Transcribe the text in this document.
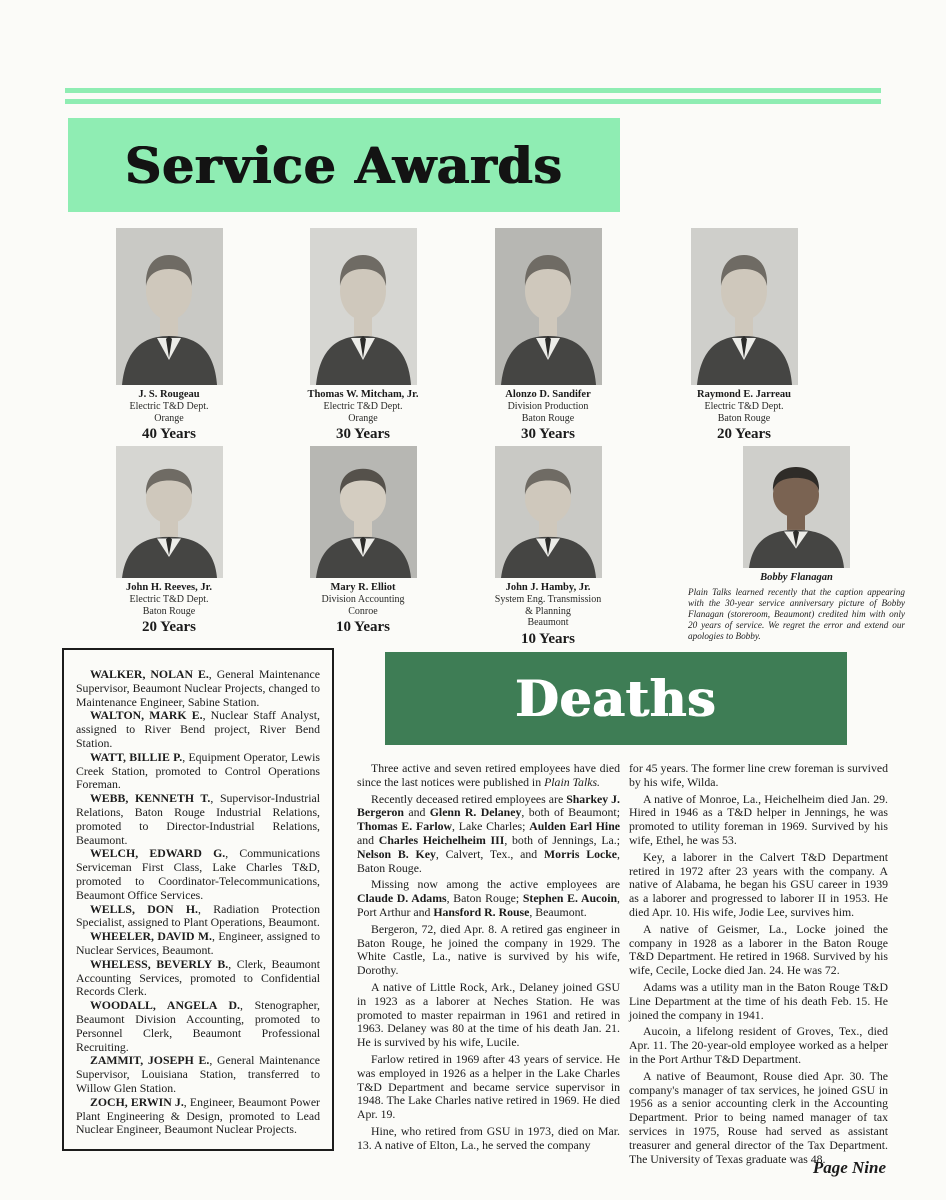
Service Awards
J. S. Rougeau
Electric T&D Dept.
Orange
40 Years
Thomas W. Mitcham, Jr.
Electric T&D Dept.
Orange
30 Years
Alonzo D. Sandifer
Division Production
Baton Rouge
30 Years
Raymond E. Jarreau
Electric T&D Dept.
Baton Rouge
20 Years
John H. Reeves, Jr.
Electric T&D Dept.
Baton Rouge
20 Years
Mary R. Elliot
Division Accounting
Conroe
10 Years
John J. Hamby, Jr.
System Eng. Transmission
& Planning
Beaumont
10 Years
Bobby Flanagan
Plain Talks learned recently that the caption appearing with the 30-year service anniversary picture of Bobby Flanagan (storeroom, Beaumont) credited him with only 20 years of service. We regret the error and extend our apologies to Bobby.

WALKER, NOLAN E., General Maintenance Supervisor, Beaumont Nuclear Projects, changed to Maintenance Engineer, Sabine Station.

WALTON, MARK E., Nuclear Staff Analyst, assigned to River Bend project, River Bend Station.

WATT, BILLIE P., Equipment Operator, Lewis Creek Station, promoted to Control Operations Foreman.

WEBB, KENNETH T., Supervisor-Industrial Relations, Baton Rouge Industrial Relations, promoted to Director-Industrial Relations, Beaumont.

WELCH, EDWARD G., Communications Serviceman First Class, Lake Charles T&D, promoted to Coordinator-Telecommunications, Beaumont Office Services.

WELLS, DON H., Radiation Protection Specialist, assigned to Plant Operations, Beaumont.

WHEELER, DAVID M., Engineer, assigned to Nuclear Services, Beaumont.

WHELESS, BEVERLY B., Clerk, Beaumont Accounting Services, promoted to Confidential Records Clerk.

WOODALL, ANGELA D., Stenographer, Beaumont Division Accounting, promoted to Personnel Clerk, Beaumont Professional Recruiting.

ZAMMIT, JOSEPH E., General Maintenance Supervisor, Louisiana Station, transferred to Willow Glen Station.

ZOCH, ERWIN J., Engineer, Beaumont Power Plant Engineering & Design, promoted to Lead Nuclear Engineer, Beaumont Nuclear Projects.

Deaths

Three active and seven retired employees have died since the last notices were published in Plain Talks.

Recently deceased retired employees are Sharkey J. Bergeron and Glenn R. Delaney, both of Beaumont; Thomas E. Farlow, Lake Charles; Aulden Earl Hine and Charles Heichelheim III, both of Jennings, La.; Nelson B. Key, Calvert, Tex., and Morris Locke, Baton Rouge.

Missing now among the active employees are Claude D. Adams, Baton Rouge; Stephen E. Aucoin, Port Arthur and Hansford R. Rouse, Beaumont.

Bergeron, 72, died Apr. 8. A retired gas engineer in Baton Rouge, he joined the company in 1929. The White Castle, La., native is survived by his wife, Dorothy.

A native of Little Rock, Ark., Delaney joined GSU in 1923 as a laborer at Neches Station. He was promoted to master repairman in 1961 and retired in 1963. Delaney was 80 at the time of his death Jan. 21. He is survived by his wife, Lucile.

Farlow retired in 1969 after 43 years of service. He was employed in 1926 as a helper in the Lake Charles T&D Department and became service supervisor in 1948. The Lake Charles native retired in 1969. He died Apr. 19.

Hine, who retired from GSU in 1973, died on Mar. 13. A native of Elton, La., he served the company

for 45 years. The former line crew foreman is survived by his wife, Wilda.

A native of Monroe, La., Heichelheim died Jan. 29. Hired in 1946 as a T&D helper in Jennings, he was promoted to utility foreman in 1969. Survived by his wife, Ethel, he was 53.

Key, a laborer in the Calvert T&D Department retired in 1972 after 23 years with the company. A native of Alabama, he began his GSU career in 1939 as a laborer and progressed to laborer II in 1953. He died Apr. 10. His wife, Jodie Lee, survives him.

A native of Geismer, La., Locke joined the company in 1928 as a laborer in the Baton Rouge T&D Department. He retired in 1968. Survived by his wife, Cecile, Locke died Jan. 24. He was 72.

Adams was a utility man in the Baton Rouge T&D Line Department at the time of his death Feb. 15. He joined the company in 1941.

Aucoin, a lifelong resident of Groves, Tex., died Apr. 11. The 20-year-old employee worked as a helper in the Port Arthur T&D Department.

A native of Beaumont, Rouse died Apr. 30. The company's manager of tax services, he joined GSU in 1956 as a senior accounting clerk in the Accounting Department. Prior to being named manager of tax services in 1975, Rouse had served as assistant treasurer and general director of the Tax Department. The University of Texas graduate was 48.

Page Nine
